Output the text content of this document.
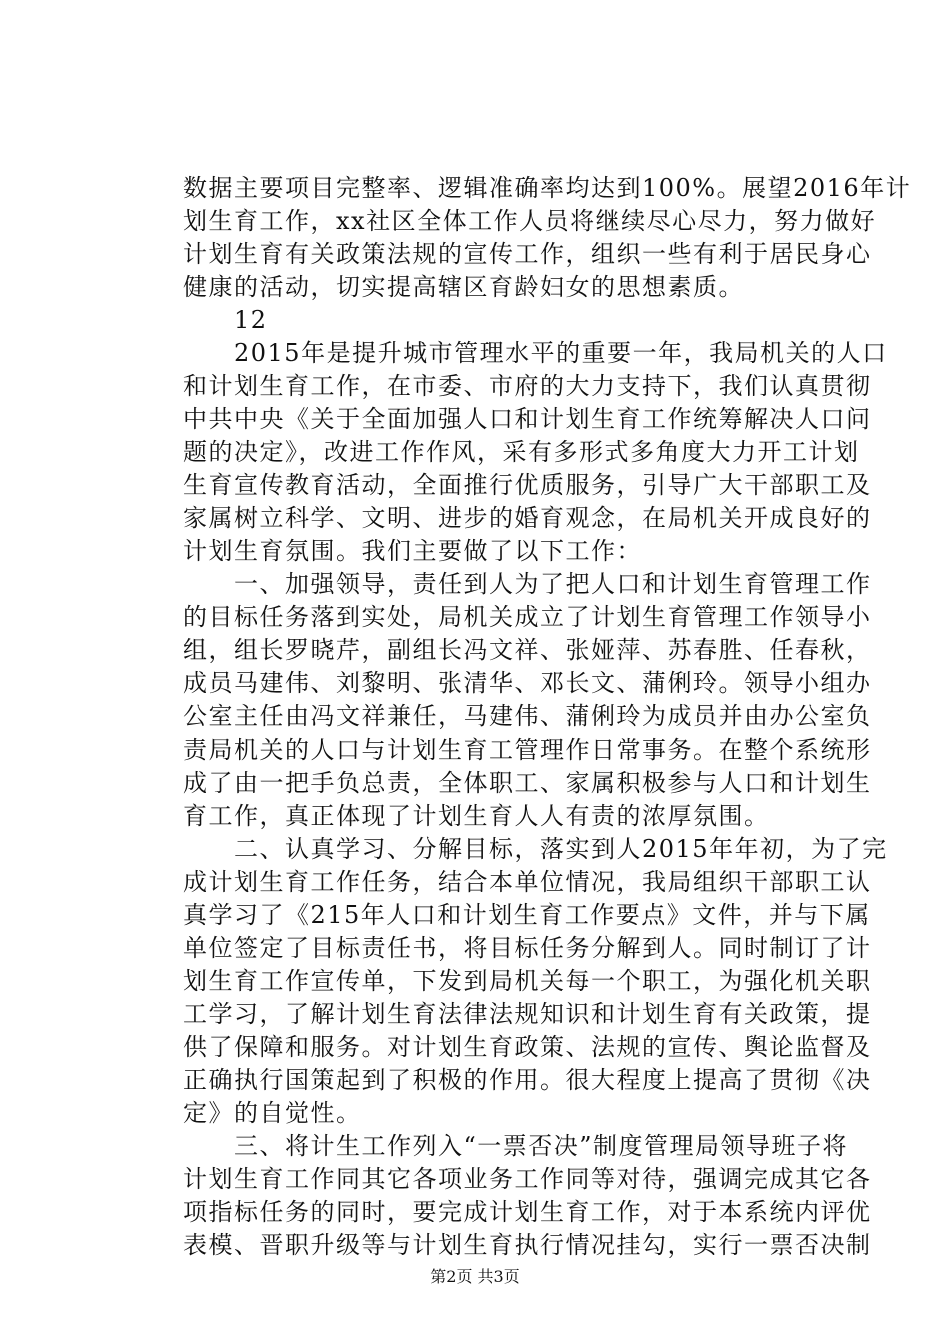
数据主要项目完整率、逻辑准确率均达到100%。展望2016年计
划生育工作，xx社区全体工作人员将继续尽心尽力，努力做好
计划生育有关政策法规的宣传工作，组织一些有利于居民身心
健康的活动，切实提高辖区育龄妇女的思想素质。
　　12
　　2015年是提升城市管理水平的重要一年，我局机关的人口
和计划生育工作，在市委、市府的大力支持下，我们认真贯彻
中共中央《关于全面加强人口和计划生育工作统筹解决人口问
题的决定》，改进工作作风，采有多形式多角度大力开工计划
生育宣传教育活动，全面推行优质服务，引导广大干部职工及
家属树立科学、文明、进步的婚育观念，在局机关开成良好的
计划生育氛围。我们主要做了以下工作：
　　一、加强领导，责任到人为了把人口和计划生育管理工作
的目标任务落到实处，局机关成立了计划生育管理工作领导小
组，组长罗晓芹，副组长冯文祥、张娅萍、苏春胜、任春秋，
成员马建伟、刘黎明、张清华、邓长文、蒲俐玲。领导小组办
公室主任由冯文祥兼任，马建伟、蒲俐玲为成员并由办公室负
责局机关的人口与计划生育工管理作日常事务。在整个系统形
成了由一把手负总责，全体职工、家属积极参与人口和计划生
育工作，真正体现了计划生育人人有责的浓厚氛围。
　　二、认真学习、分解目标，落实到人2015年年初，为了完
成计划生育工作任务，结合本单位情况，我局组织干部职工认
真学习了《215年人口和计划生育工作要点》文件，并与下属
单位签定了目标责任书，将目标任务分解到人。同时制订了计
划生育工作宣传单，下发到局机关每一个职工，为强化机关职
工学习，了解计划生育法律法规知识和计划生育有关政策，提
供了保障和服务。对计划生育政策、法规的宣传、舆论监督及
正确执行国策起到了积极的作用。很大程度上提高了贯彻《决
定》的自觉性。
　　三、将计生工作列入“一票否决”制度管理局领导班子将
计划生育工作同其它各项业务工作同等对待，强调完成其它各
项指标任务的同时，要完成计划生育工作，对于本系统内评优
表模、晋职升级等与计划生育执行情况挂勾，实行一票否决制
第2页 共3页
